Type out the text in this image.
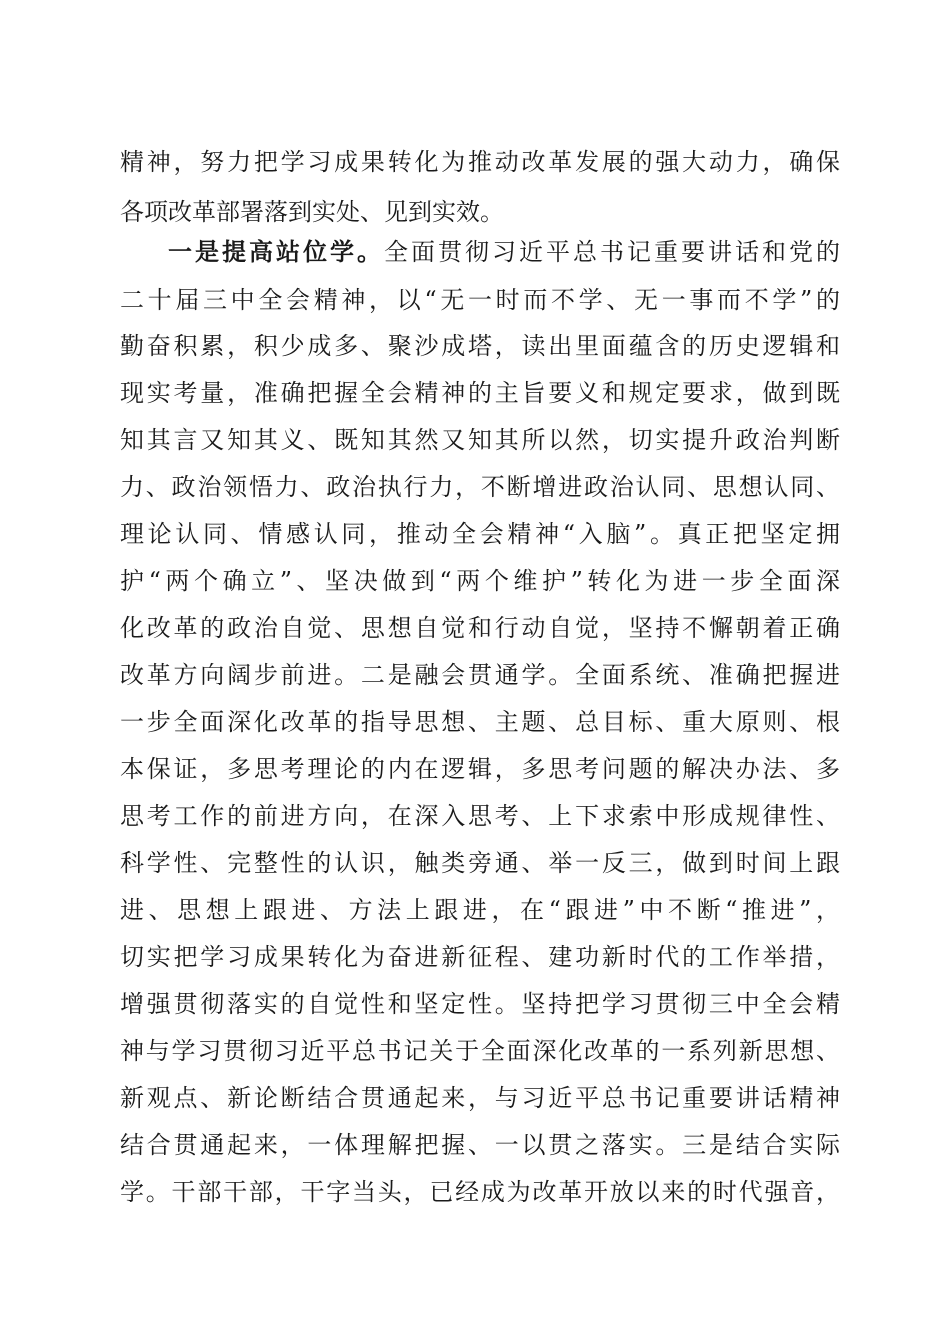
精神，努力把学习成果转化为推动改革发展的强大动力，确保

各项改革部署落到实处、见到实效。

一是提高站位学。全面贯彻习近平总书记重要讲话和党的

二十届三中全会精神，以“无一时而不学、无一事而不学”的

勤奋积累，积少成多、聚沙成塔，读出里面蕴含的历史逻辑和

现实考量，准确把握全会精神的主旨要义和规定要求，做到既

知其言又知其义、既知其然又知其所以然，切实提升政治判断

力、政治领悟力、政治执行力，不断增进政治认同、思想认同、

理论认同、情感认同，推动全会精神“入脑”。真正把坚定拥

护“两个确立”、坚决做到“两个维护”转化为进一步全面深

化改革的政治自觉、思想自觉和行动自觉，坚持不懈朝着正确

改革方向阔步前进。二是融会贯通学。全面系统、准确把握进

一步全面深化改革的指导思想、主题、总目标、重大原则、根

本保证，多思考理论的内在逻辑，多思考问题的解决办法、多

思考工作的前进方向，在深入思考、上下求索中形成规律性、

科学性、完整性的认识，触类旁通、举一反三，做到时间上跟

进、思想上跟进、方法上跟进，在“跟进”中不断“推进”，

切实把学习成果转化为奋进新征程、建功新时代的工作举措，

增强贯彻落实的自觉性和坚定性。坚持把学习贯彻三中全会精

神与学习贯彻习近平总书记关于全面深化改革的一系列新思想、

新观点、新论断结合贯通起来，与习近平总书记重要讲话精神

结合贯通起来，一体理解把握、一以贯之落实。三是结合实际

学。干部干部，干字当头，已经成为改革开放以来的时代强音，
